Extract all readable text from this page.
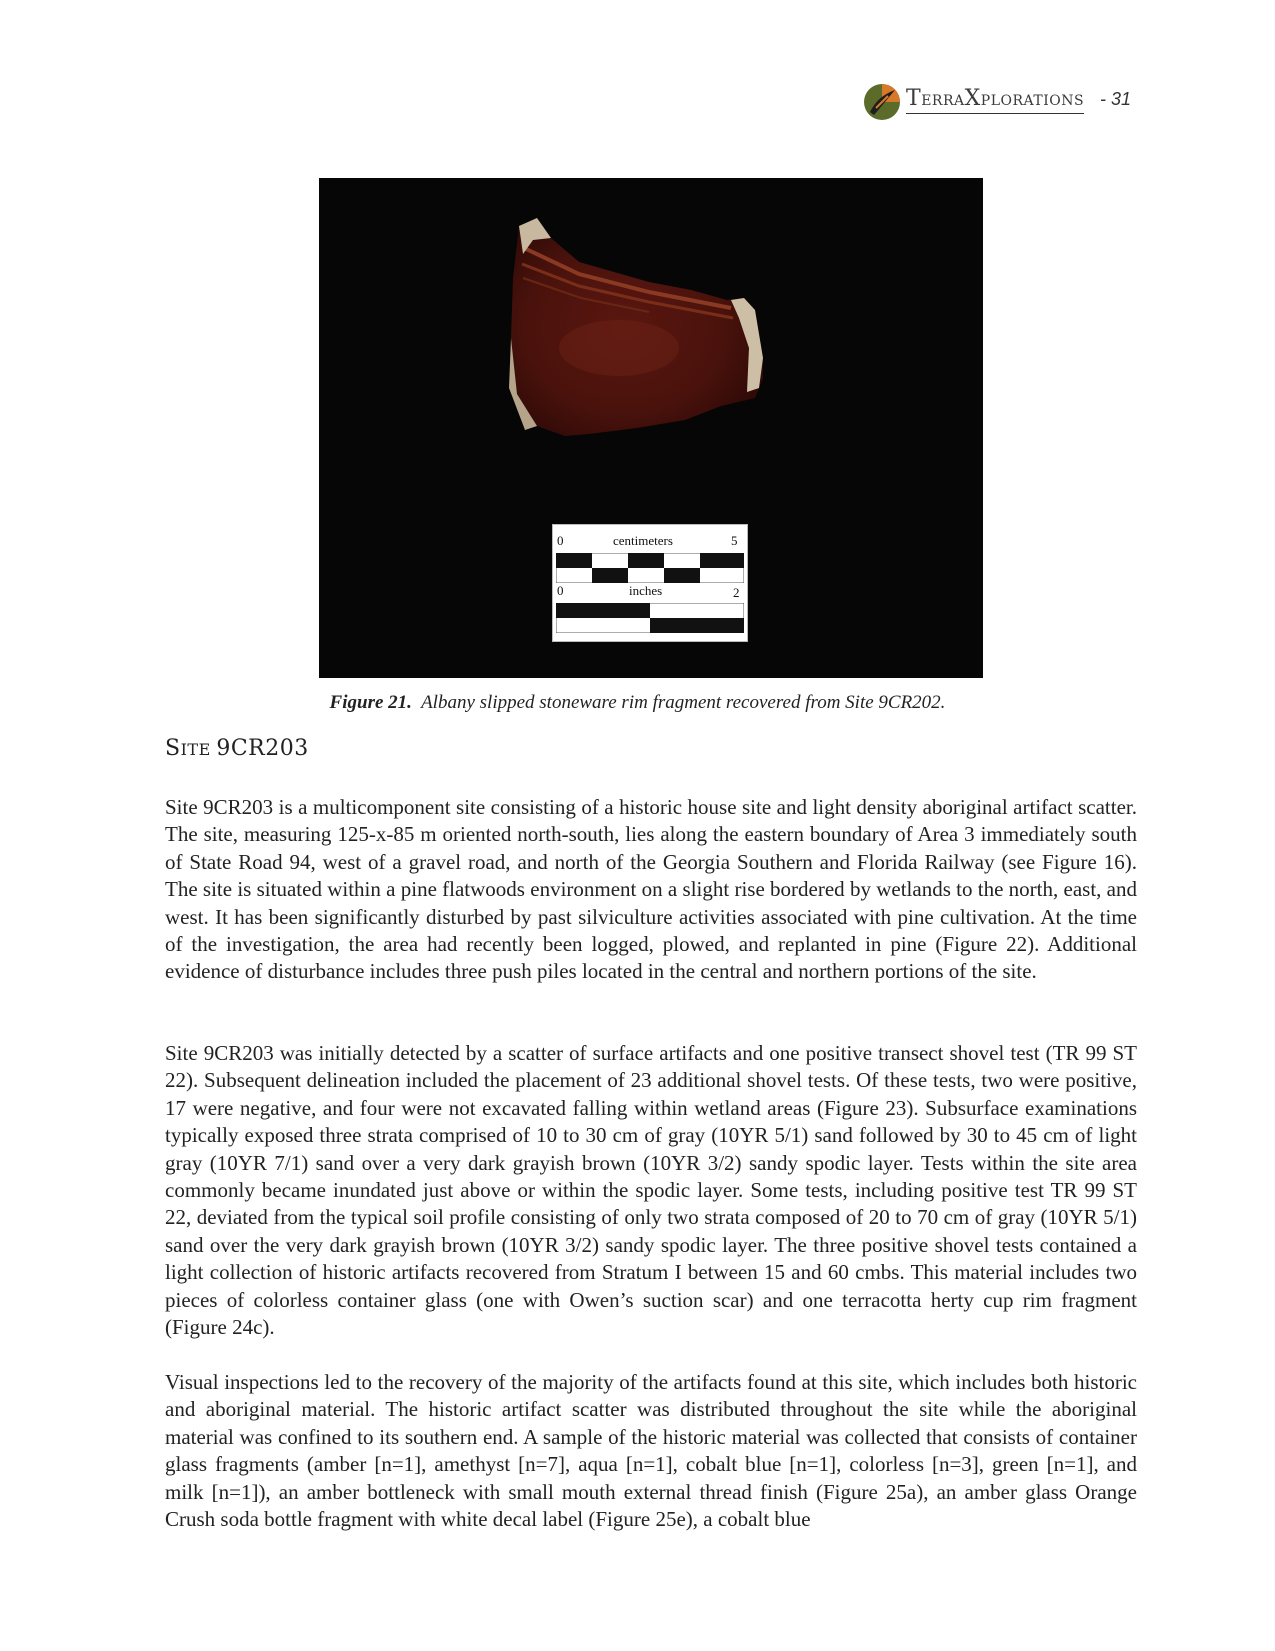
TERRAXPLORATIONS - 31
0	centimeters	5
0	inches	2
Figure 21. Albany slipped stoneware rim fragment recovered from Site 9CR202.
SITE 9CR203

Site 9CR203 is a multicomponent site consisting of a historic house site and light density aboriginal artifact scatter. The site, measuring 125-x-85 m oriented north-south, lies along the eastern boundary of Area 3 immediately south of State Road 94, west of a gravel road, and north of the Georgia Southern and Florida Railway (see Figure 16). The site is situated within a pine flatwoods environment on a slight rise bordered by wetlands to the north, east, and west. It has been significantly disturbed by past silviculture activities associated with pine cultivation. At the time of the investigation, the area had recently been logged, plowed, and replanted in pine (Figure 22). Additional evidence of disturbance includes three push piles located in the central and northern portions of the site.

Site 9CR203 was initially detected by a scatter of surface artifacts and one positive transect shovel test (TR 99 ST 22). Subsequent delineation included the placement of 23 additional shovel tests. Of these tests, two were positive, 17 were negative, and four were not excavated falling within wetland areas (Figure 23). Subsurface examinations typically exposed three strata comprised of 10 to 30 cm of gray (10YR 5/1) sand followed by 30 to 45 cm of light gray (10YR 7/1) sand over a very dark grayish brown (10YR 3/2) sandy spodic layer. Tests within the site area commonly became inundated just above or within the spodic layer. Some tests, including positive test TR 99 ST 22, deviated from the typical soil profile consisting of only two strata composed of 20 to 70 cm of gray (10YR 5/1) sand over the very dark grayish brown (10YR 3/2) sandy spodic layer. The three positive shovel tests contained a light collection of historic artifacts recovered from Stratum I between 15 and 60 cmbs. This material includes two pieces of colorless container glass (one with Owen’s suction scar) and one terracotta herty cup rim fragment (Figure 24c).

Visual inspections led to the recovery of the majority of the artifacts found at this site, which includes both historic and aboriginal material. The historic artifact scatter was distributed throughout the site while the aboriginal material was confined to its southern end. A sample of the historic material was collected that consists of container glass fragments (amber [n=1], amethyst [n=7], aqua [n=1], cobalt blue [n=1], colorless [n=3], green [n=1], and milk [n=1]), an amber bottleneck with small mouth external thread finish (Figure 25a), an amber glass Orange Crush soda bottle fragment with white decal label (Figure 25e), a cobalt blue
